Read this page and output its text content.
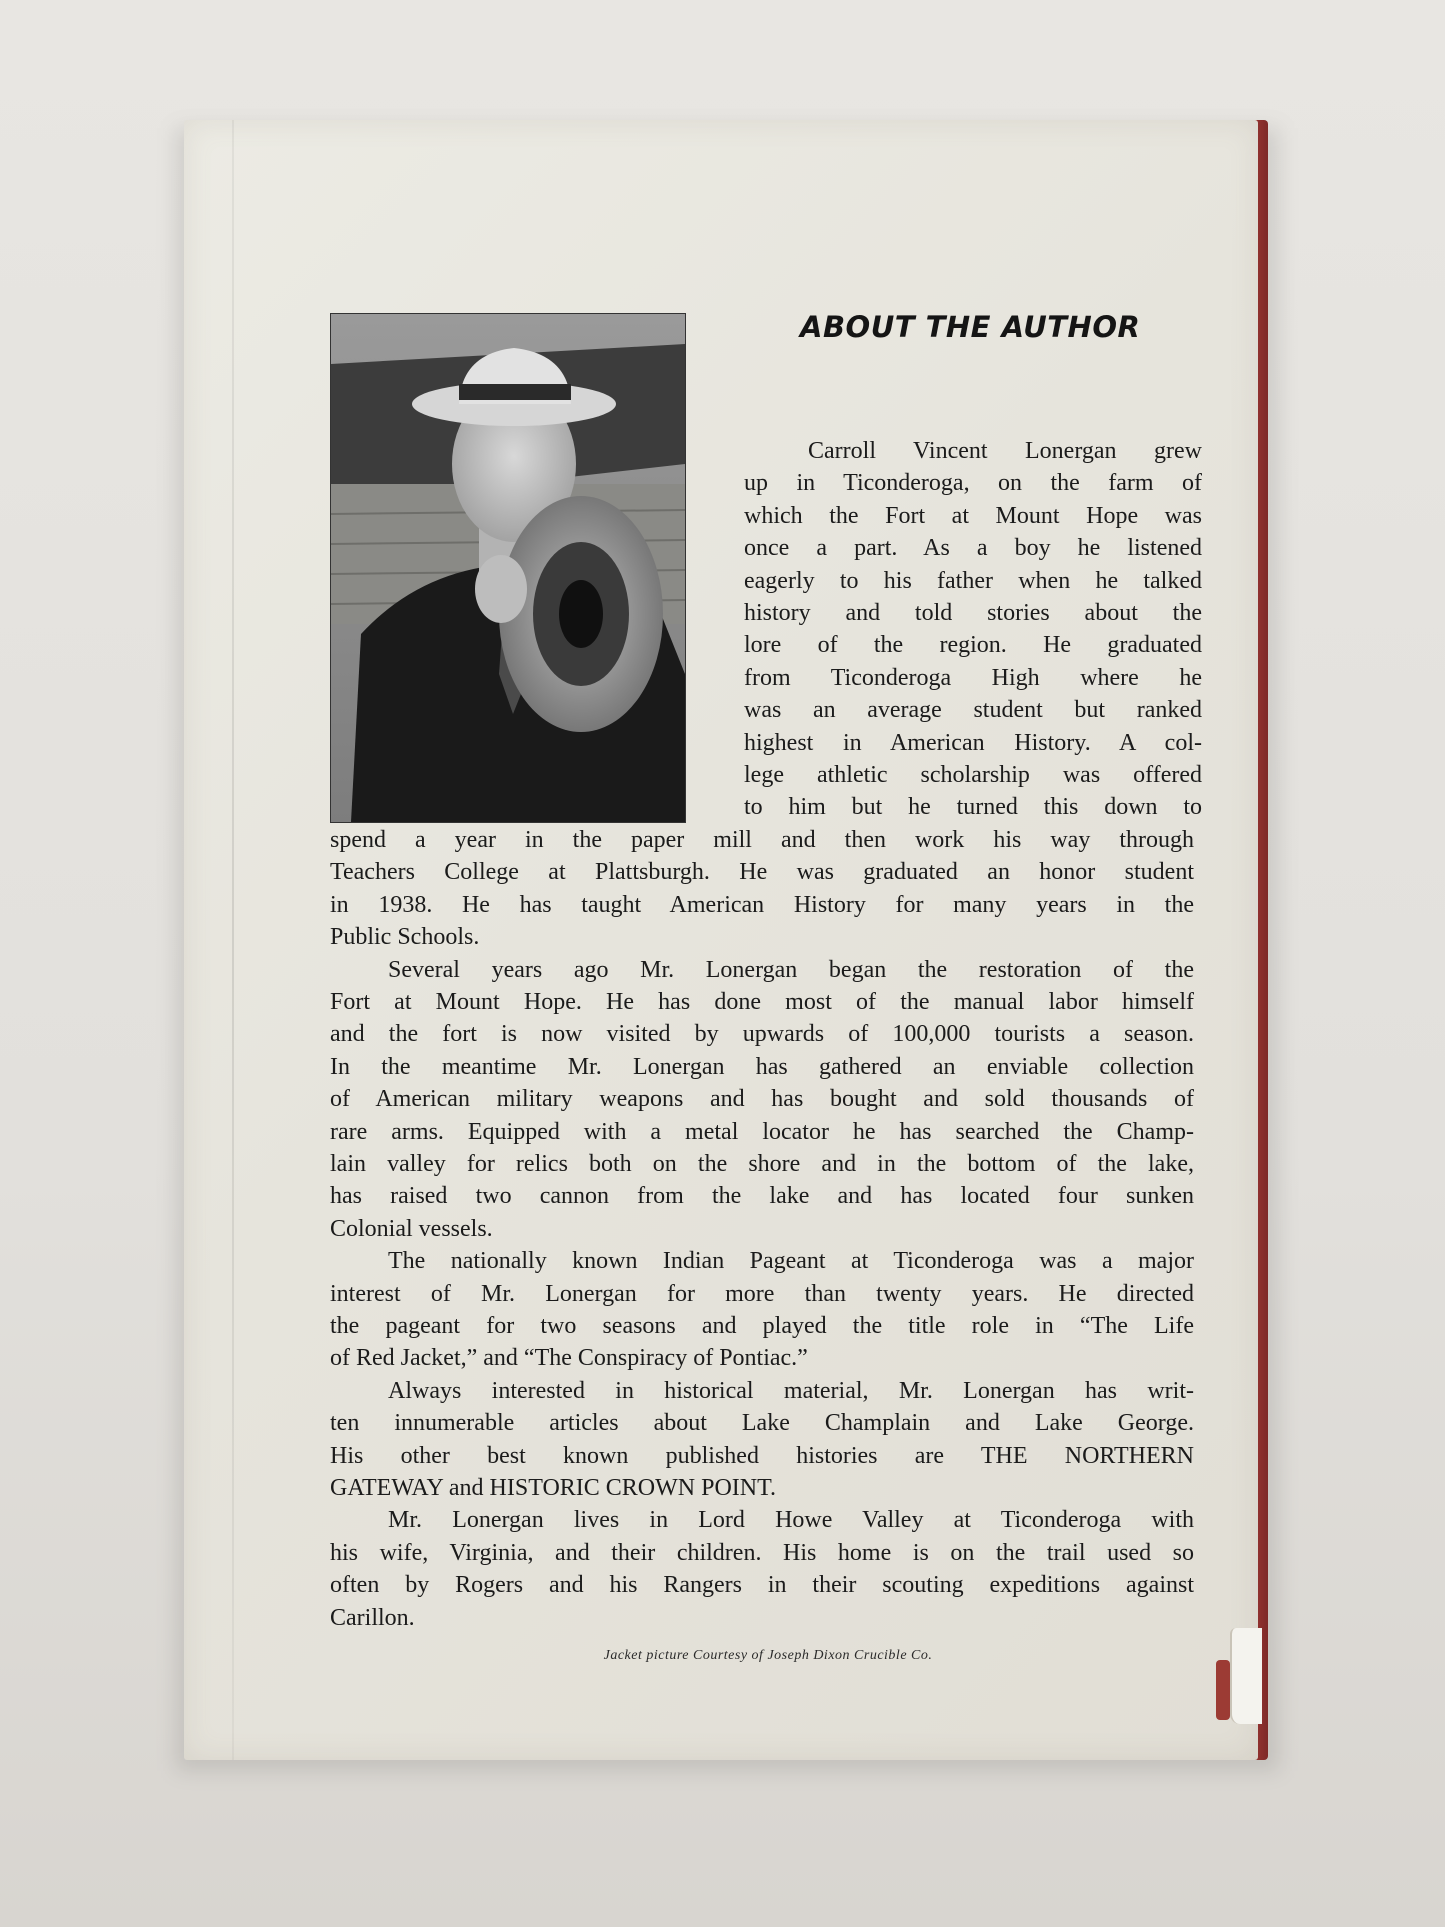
ABOUT THE AUTHOR
Carroll Vincent Lonergan grew
up in Ticonderoga, on the farm of
which the Fort at Mount Hope was
once a part. As a boy he listened
eagerly to his father when he talked
history and told stories about the
lore of the region. He graduated
from Ticonderoga High where he
was an average student but ranked
highest in American History. A col-
lege athletic scholarship was offered
to him but he turned this down to
spend a year in the paper mill and then work his way through
Teachers College at Plattsburgh. He was graduated an honor student
in 1938. He has taught American History for many years in the
Public Schools.
Several years ago Mr. Lonergan began the restoration of the
Fort at Mount Hope. He has done most of the manual labor himself
and the fort is now visited by upwards of 100,000 tourists a season.
In the meantime Mr. Lonergan has gathered an enviable collection
of American military weapons and has bought and sold thousands of
rare arms. Equipped with a metal locator he has searched the Champ-
lain valley for relics both on the shore and in the bottom of the lake,
has raised two cannon from the lake and has located four sunken
Colonial vessels.
The nationally known Indian Pageant at Ticonderoga was a major
interest of Mr. Lonergan for more than twenty years. He directed
the pageant for two seasons and played the title role in “The Life
of Red Jacket,” and “The Conspiracy of Pontiac.”
Always interested in historical material, Mr. Lonergan has writ-
ten innumerable articles about Lake Champlain and Lake George.
His other best known published histories are THE NORTHERN
GATEWAY and HISTORIC CROWN POINT.
Mr. Lonergan lives in Lord Howe Valley at Ticonderoga with
his wife, Virginia, and their children. His home is on the trail used so
often by Rogers and his Rangers in their scouting expeditions against
Carillon.
Jacket picture Courtesy of Joseph Dixon Crucible Co.
